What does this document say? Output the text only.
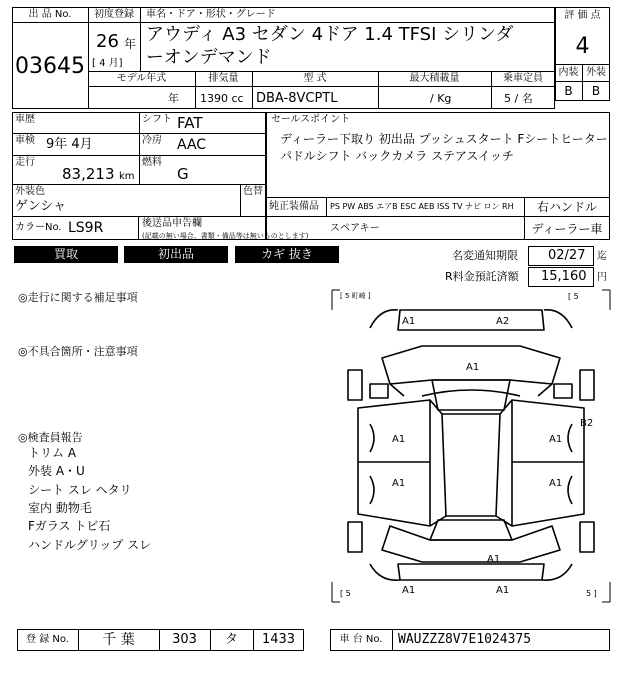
出 品 No.
03645
初度登録
26 年
[ 4 月]
車名・ドア・形状・グレード
アウディ A3 セダン 4ドア 1.4 TFSI シリンダ
ーオンデマンド
モデル年式	排気量	型 式	最大積載量	乗車定員
年 1390 cc DBA-8VCPTL	/ Kg	5 / 名
評 価 点
4
内装 外装
B	B
車歴
車検 9年 4月
走行
83,213 km
シフト FAT
冷房 AAC
燃料
G
外装色
ゲンシャ
色替
カラーNo. LS9R
セールスポイント
ディーラー下取り 初出品 プッシュスタート Fシートヒーター
パドルシフト バックカメラ ステアスイッチ
純正装備品 PS PW ABS エアB ESC AEB ISS TV ナビ ロン RH	右ハンドル
後送品申告欄
(記載の無い場合、書類・備品等は無いものとします)
スペアキー	ディーラー車
買取	初出品	カギ 抜き	名変通知期限 02/27 迄
R料金預託済額 15,160 円
◎走行に関する補足事項
◎不具合箇所・注意事項
◎検査員報告
トリム A
外装 A・U
シート スレ ヘタリ
室内 動物毛
Fガラス トビ石
ハンドルグリップ スレ
[ 5 町崎 ]	[ 5
[ 5	5 ]
A1	A2
A1
A1	A1
B2
A1	A1
A1
A1	A1
登 録 No.	千 葉	303	タ	1433	車 台 No.	WAUZZZ8V7E1024375
